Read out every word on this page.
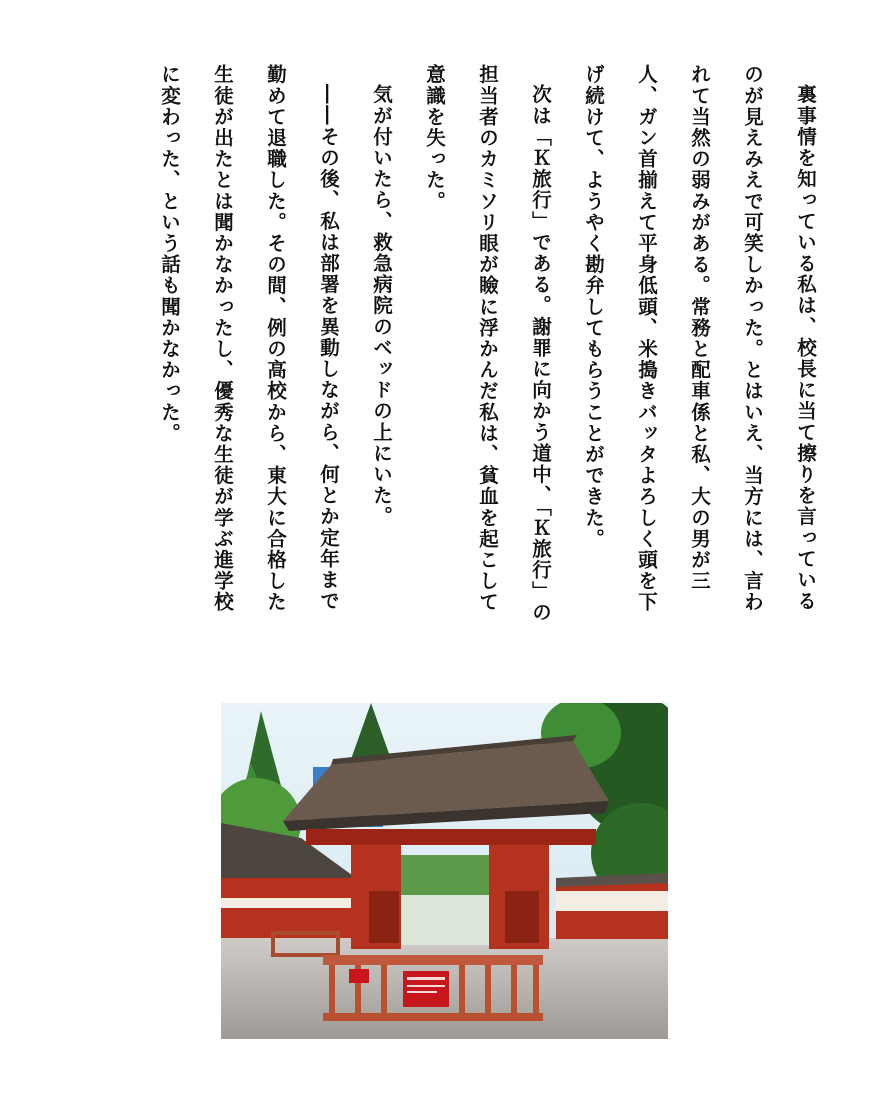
裏事情を知っている私は、校長に当て擦りを言っているのが見えみえで可笑しかった。とはいえ、当方には、言われて当然の弱みがある。常務と配車係と私、大の男が三人、ガン首揃えて平身低頭、米搗きバッタよろしく頭を下げ続けて、ようやく勘弁してもらうことができた。

次は「Ｋ旅行」である。謝罪に向かう道中、「Ｋ旅行」の担当者のカミソリ眼が瞼に浮かんだ私は、貧血を起こして意識を失った。

気が付いたら、救急病院のベッドの上にいた。

――その後、私は部署を異動しながら、何とか定年まで勤めて退職した。その間、例の高校から、東大に合格した生徒が出たとは聞かなかったし、優秀な生徒が学ぶ進学校に変わった、という話も聞かなかった。
